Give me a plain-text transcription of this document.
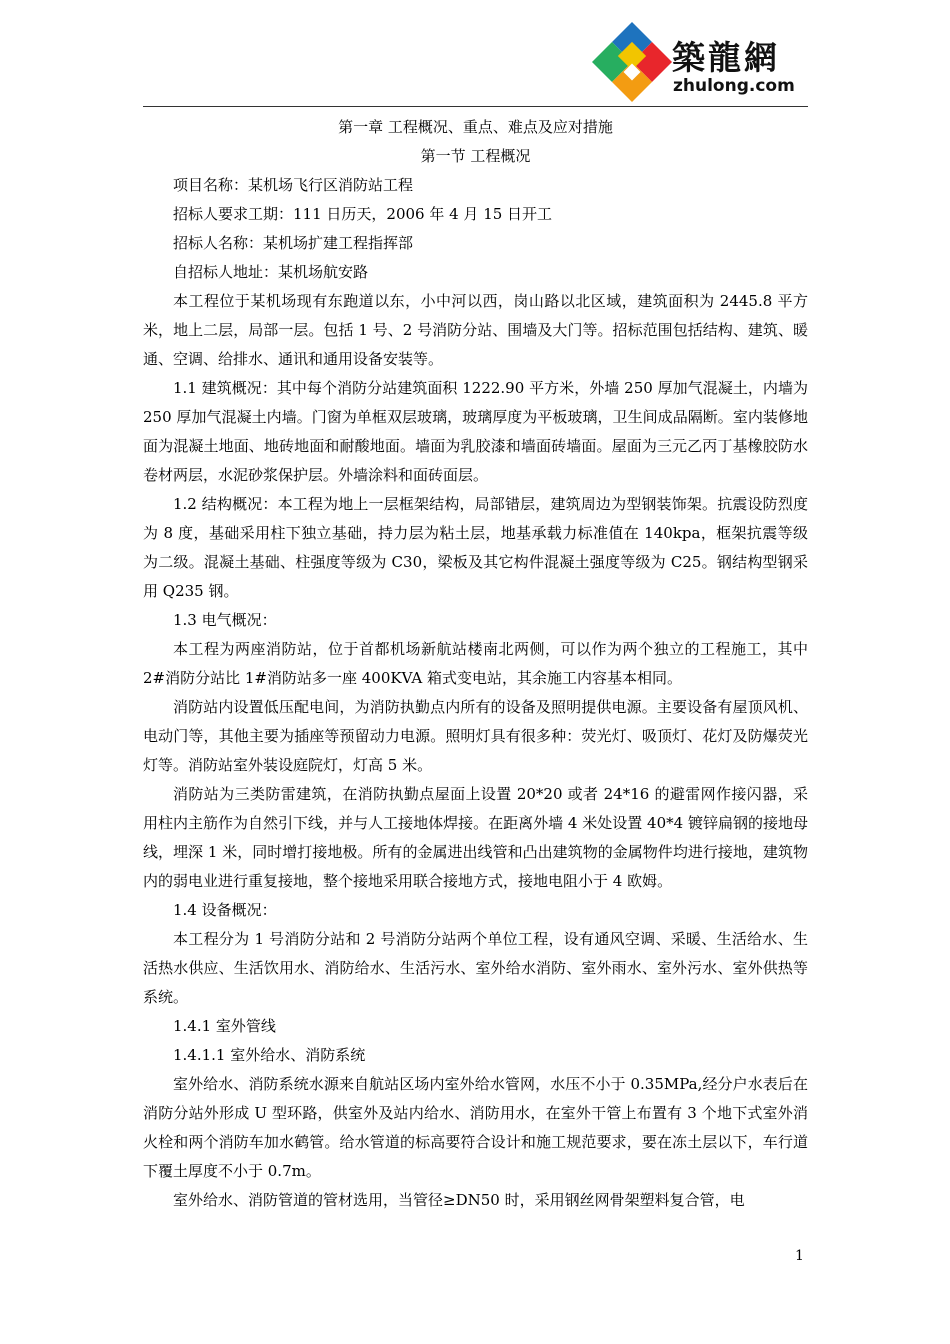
築龍網
zhulong.com
第一章 工程概况、重点、难点及应对措施
第一节 工程概况

项目名称：某机场飞行区消防站工程

招标人要求工期：111 日历天，2006 年 4 月 15 日开工

招标人名称：某机场扩建工程指挥部

自招标人地址：某机场航安路

本工程位于某机场现有东跑道以东，小中河以西，岗山路以北区域，建筑面积为 2445.8 平方米，地上二层，局部一层。包括 1 号、2 号消防分站、围墙及大门等。招标范围包括结构、建筑、暖通、空调、给排水、通讯和通用设备安装等。

1.1 建筑概况：其中每个消防分站建筑面积 1222.90 平方米，外墙 250 厚加气混凝土，内墙为 250 厚加气混凝土内墙。门窗为单框双层玻璃，玻璃厚度为平板玻璃，卫生间成品隔断。室内装修地面为混凝土地面、地砖地面和耐酸地面。墙面为乳胶漆和墙面砖墙面。屋面为三元乙丙丁基橡胶防水卷材两层，水泥砂浆保护层。外墙涂料和面砖面层。

1.2 结构概况：本工程为地上一层框架结构，局部错层，建筑周边为型钢装饰架。抗震设防烈度为 8 度，基础采用柱下独立基础，持力层为粘土层，地基承载力标准值在 140kpa，框架抗震等级为二级。混凝土基础、柱强度等级为 C30，梁板及其它构件混凝土强度等级为 C25。钢结构型钢采用 Q235 钢。

1.3 电气概况：

本工程为两座消防站，位于首都机场新航站楼南北两侧，可以作为两个独立的工程施工，其中 2#消防分站比 1#消防站多一座 400KVA 箱式变电站，其余施工内容基本相同。

消防站内设置低压配电间，为消防执勤点内所有的设备及照明提供电源。主要设备有屋顶风机、电动门等，其他主要为插座等预留动力电源。照明灯具有很多种：荧光灯、吸顶灯、花灯及防爆荧光灯等。消防站室外装设庭院灯，灯高 5 米。

消防站为三类防雷建筑，在消防执勤点屋面上设置 20*20 或者 24*16 的避雷网作接闪器，采用柱内主筋作为自然引下线，并与人工接地体焊接。在距离外墙 4 米处设置 40*4 镀锌扁钢的接地母线，埋深 1 米，同时增打接地极。所有的金属进出线管和凸出建筑物的金属物件均进行接地，建筑物内的弱电业进行重复接地，整个接地采用联合接地方式，接地电阻小于 4 欧姆。

1.4 设备概况：

本工程分为 1 号消防分站和 2 号消防分站两个单位工程，设有通风空调、采暖、生活给水、生活热水供应、生活饮用水、消防给水、生活污水、室外给水消防、室外雨水、室外污水、室外供热等系统。

1.4.1 室外管线

1.4.1.1 室外给水、消防系统

室外给水、消防系统水源来自航站区场内室外给水管网，水压不小于 0.35MPa,经分户水表后在消防分站外形成 U 型环路，供室外及站内给水、消防用水，在室外干管上布置有 3 个地下式室外消火栓和两个消防车加水鹤管。给水管道的标高要符合设计和施工规范要求，要在冻土层以下，车行道下覆土厚度不小于 0.7m。

室外给水、消防管道的管材选用，当管径≥DN50 时，采用钢丝网骨架塑料复合管，电

1
